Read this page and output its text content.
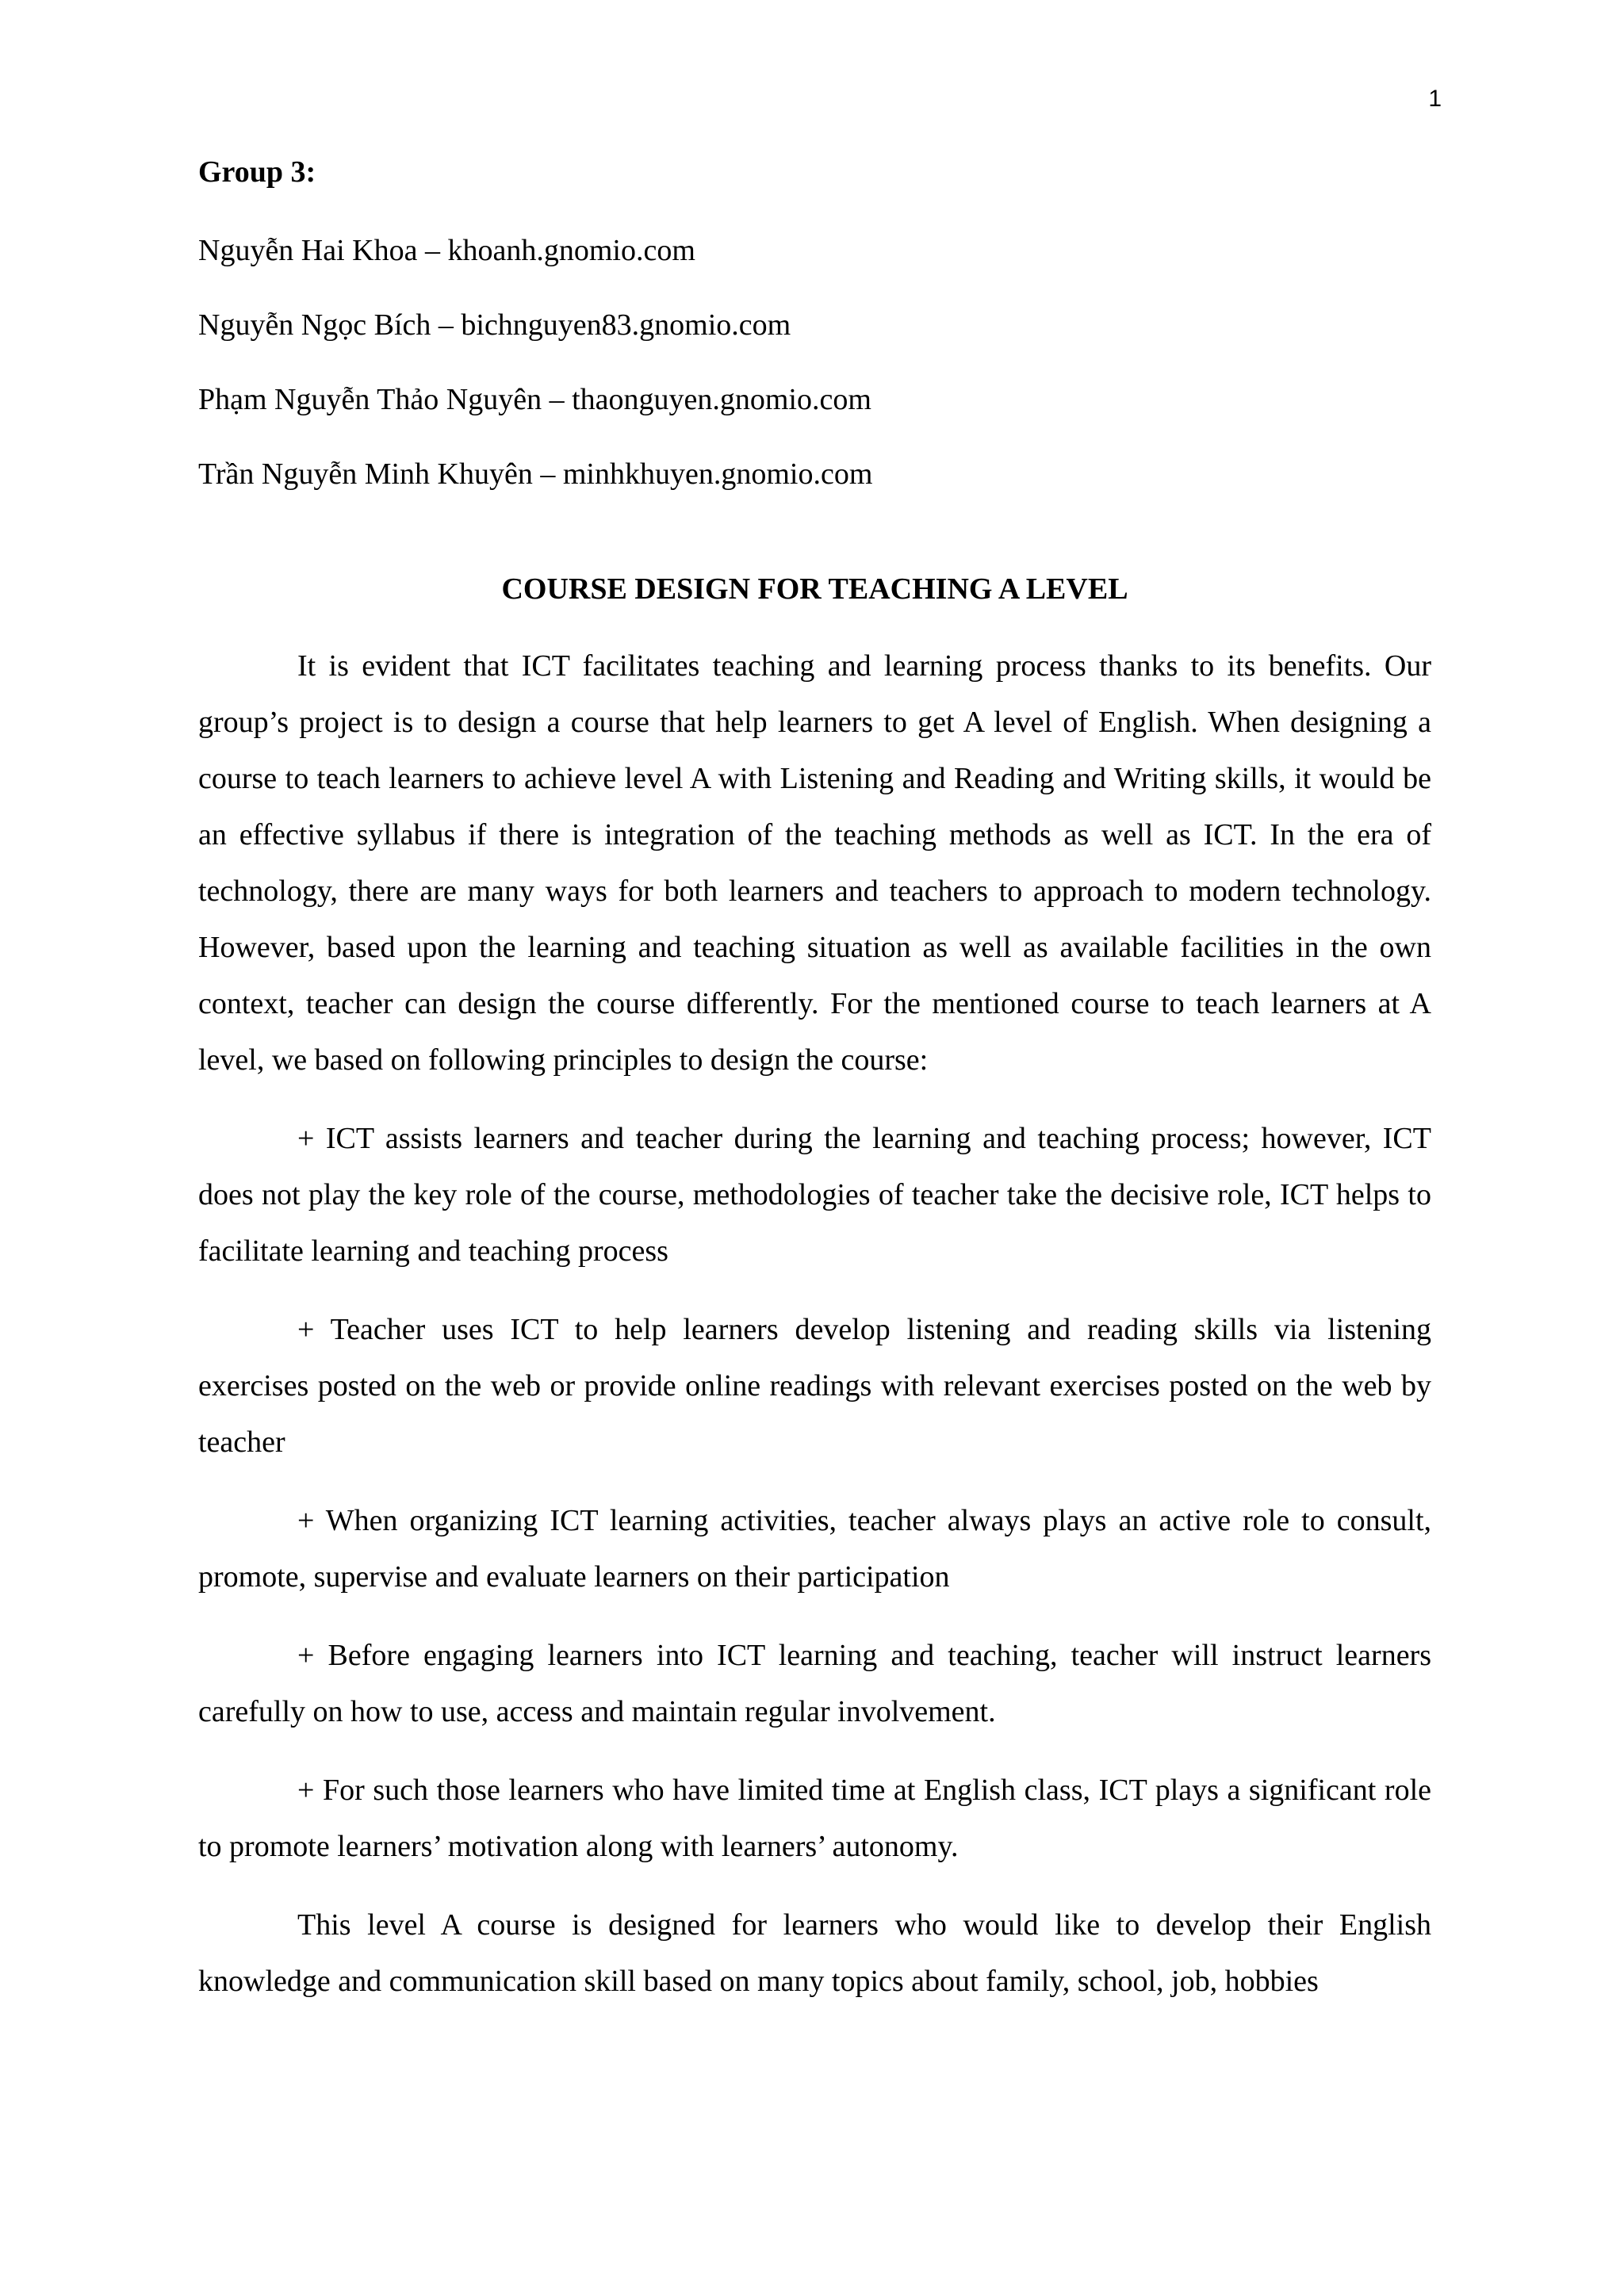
1
Group 3:
Nguyễn Hai Khoa – khoanh.gnomio.com
Nguyễn Ngọc Bích – bichnguyen83.gnomio.com
Phạm Nguyễn Thảo Nguyên – thaonguyen.gnomio.com
Trần Nguyễn Minh Khuyên – minhkhuyen.gnomio.com
COURSE DESIGN FOR TEACHING A LEVEL

It is evident that ICT facilitates teaching and learning process thanks to its benefits. Our group’s project is to design a course that help learners to get A level of English. When designing a course to teach learners to achieve level A with Listening and Reading and Writing skills, it would be an effective syllabus if there is integration of the teaching methods as well as ICT. In the era of technology, there are many ways for both learners and teachers to approach to modern technology. However, based upon the learning and teaching situation as well as available facilities in the own context, teacher can design the course differently. For the mentioned course to teach learners at A level, we based on following principles to design the course:

+ ICT assists learners and teacher during the learning and teaching process; however, ICT does not play the key role of the course, methodologies of teacher take the decisive role, ICT helps to facilitate learning and teaching process

+ Teacher uses ICT to help learners develop listening and reading skills via listening exercises posted on the web or provide online readings with relevant exercises posted on the web by teacher

+ When organizing ICT learning activities, teacher always plays an active role to consult, promote, supervise and evaluate learners on their participation

+ Before engaging learners into ICT learning and teaching, teacher will instruct learners carefully on how to use, access and maintain regular involvement.

+ For such those learners who have limited time at English class, ICT plays a significant role to promote learners’ motivation along with learners’ autonomy.

This level A course is designed for learners who would like to develop their English knowledge and communication skill based on many topics about family, school, job, hobbies
